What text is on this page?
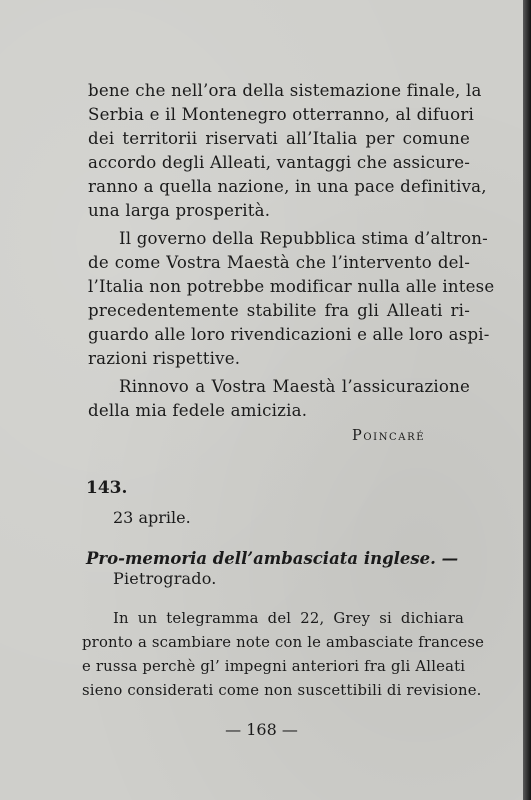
bene che nell’ora della sistemazione finale, la
Serbia e il Montenegro otterranno, al difuori
dei territorii riservati all’Italia per comune
accordo degli Alleati, vantaggi che assicure-
ranno a quella nazione, in una pace definitiva,
una larga prosperità.
Il governo della Repubblica stima d’altron-
de come Vostra Maestà che l’intervento del-
l’Italia non potrebbe modificar nulla alle intese
precedentemente stabilite fra gli Alleati ri-
guardo alle loro rivendicazioni e alle loro aspi-
razioni rispettive.
Rinnovo a Vostra Maestà l’assicurazione
della mia fedele amicizia.
Poincaré
143.
23 aprile.
Pro-memoria dell’ambasciata inglese. —
Pietrogrado.
In un telegramma del 22, Grey si dichiara
pronto a scambiare note con le ambasciate francese
e russa perchè gl’ impegni anteriori fra gli Alleati
sieno considerati come non suscettibili di revisione.
— 168 —
